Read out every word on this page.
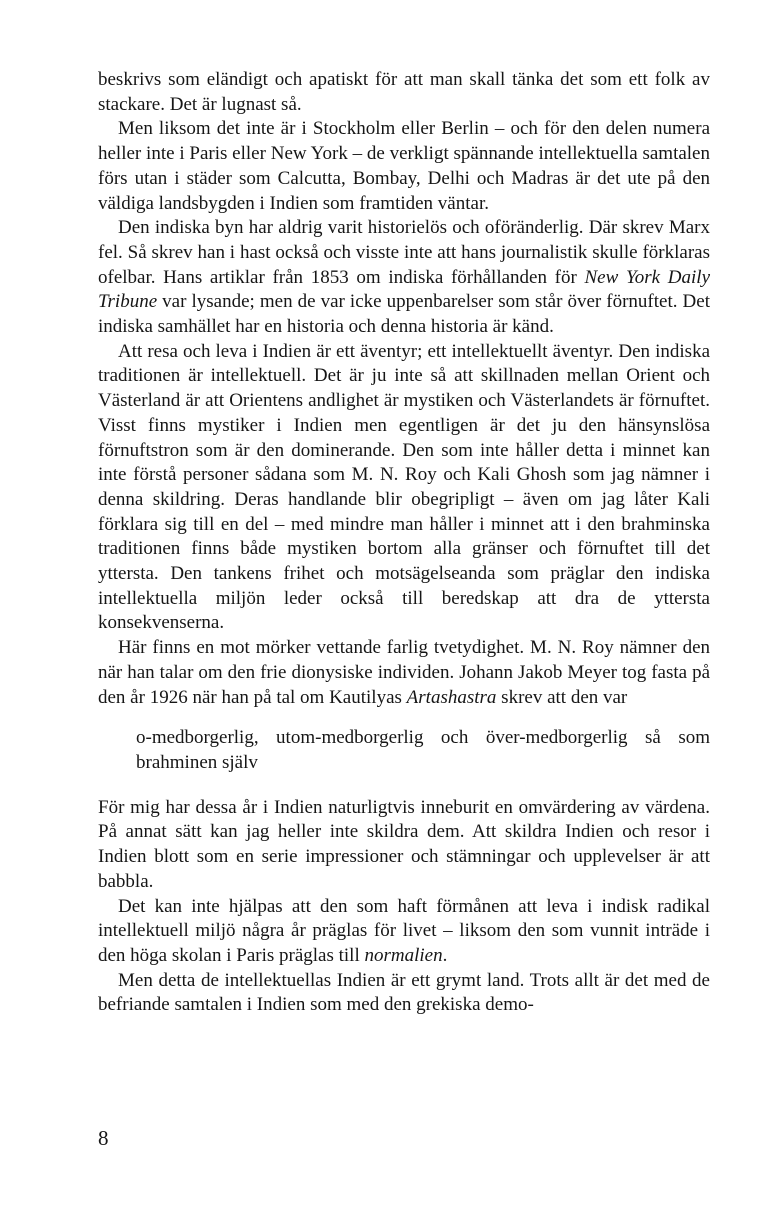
beskrivs som eländigt och apatiskt för att man skall tänka det som ett folk av stackare. Det är lugnast så.

Men liksom det inte är i Stockholm eller Berlin – och för den delen numera heller inte i Paris eller New York – de verkligt spännande intellektuella samtalen förs utan i städer som Calcutta, Bombay, Delhi och Madras är det ute på den väldiga landsbygden i Indien som framtiden väntar.

Den indiska byn har aldrig varit historielös och oföränderlig. Där skrev Marx fel. Så skrev han i hast också och visste inte att hans journalistik skulle förklaras ofelbar. Hans artiklar från 1853 om indiska förhållanden för New York Daily Tribune var lysande; men de var icke uppenbarelser som står över förnuftet. Det indiska samhället har en historia och denna historia är känd.

Att resa och leva i Indien är ett äventyr; ett intellektuellt äventyr. Den indiska traditionen är intellektuell. Det är ju inte så att skillnaden mellan Orient och Västerland är att Orientens andlighet är mystiken och Västerlandets är förnuftet. Visst finns mystiker i Indien men egentligen är det ju den hänsynslösa förnuftstron som är den dominerande. Den som inte håller detta i minnet kan inte förstå personer sådana som M. N. Roy och Kali Ghosh som jag nämner i denna skildring. Deras handlande blir obegripligt – även om jag låter Kali förklara sig till en del – med mindre man håller i minnet att i den brahminska traditionen finns både mystiken bortom alla gränser och förnuftet till det yttersta. Den tankens frihet och motsägelseanda som präglar den indiska intellektuella miljön leder också till beredskap att dra de yttersta konsekvenserna.

Här finns en mot mörker vettande farlig tvetydighet. M. N. Roy nämner den när han talar om den frie dionysiske individen. Johann Jakob Meyer tog fasta på den år 1926 när han på tal om Kautilyas Artashastra skrev att den var

o-medborgerlig, utom-medborgerlig och över-medborgerlig så som brahminen själv

För mig har dessa år i Indien naturligtvis inneburit en omvärdering av värdena. På annat sätt kan jag heller inte skildra dem. Att skildra Indien och resor i Indien blott som en serie impressioner och stämningar och upplevelser är att babbla.

Det kan inte hjälpas att den som haft förmånen att leva i indisk radikal intellektuell miljö några år präglas för livet – liksom den som vunnit inträde i den höga skolan i Paris präglas till normalien.

Men detta de intellektuellas Indien är ett grymt land. Trots allt är det med de befriande samtalen i Indien som med den grekiska demo-

8
